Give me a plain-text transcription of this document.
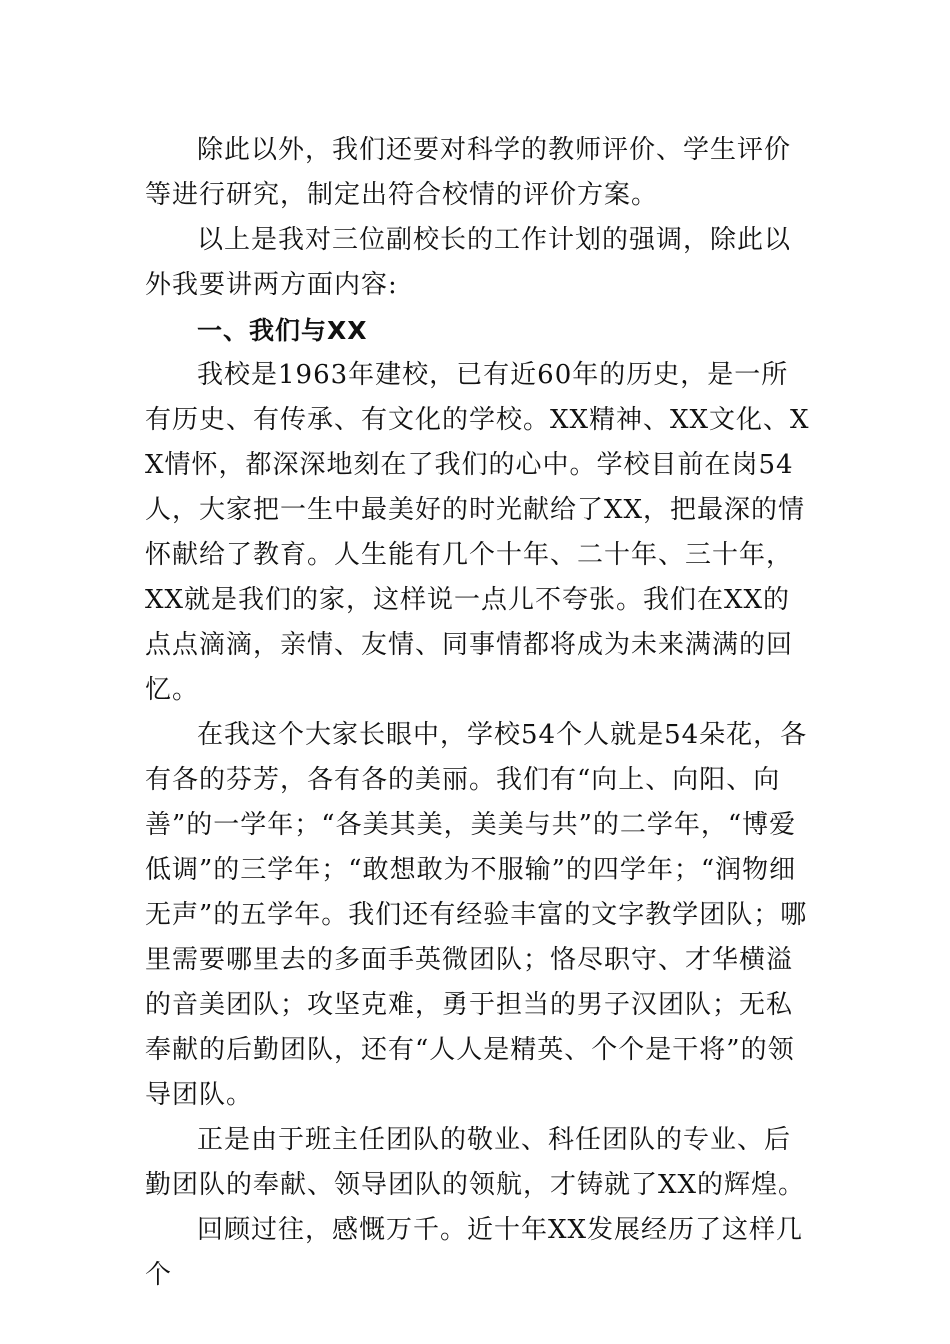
除此以外，我们还要对科学的教师评价、学生评价等进行研究，制定出符合校情的评价方案。

以上是我对三位副校长的工作计划的强调，除此以外我要讲两方面内容:

一、我们与XX

我校是1963年建校，已有近60年的历史，是一所有历史、有传承、有文化的学校。XX精神、XX文化、XX情怀，都深深地刻在了我们的心中。学校目前在岗54人，大家把一生中最美好的时光献给了XX，把最深的情怀献给了教育。人生能有几个十年、二十年、三十年，XX就是我们的家，这样说一点儿不夸张。我们在XX的点点滴滴，亲情、友情、同事情都将成为未来满满的回忆。

在我这个大家长眼中，学校54个人就是54朵花，各有各的芬芳，各有各的美丽。我们有“向上、向阳、向善”的一学年；“各美其美，美美与共”的二学年，“博爱低调”的三学年；“敢想敢为不服输”的四学年；“润物细无声”的五学年。我们还有经验丰富的文字教学团队；哪里需要哪里去的多面手英微团队；恪尽职守、才华横溢的音美团队；攻坚克难，勇于担当的男子汉团队；无私奉献的后勤团队，还有“人人是精英、个个是干将”的领导团队。

正是由于班主任团队的敬业、科任团队的专业、后勤团队的奉献、领导团队的领航，才铸就了XX的辉煌。

回顾过往，感慨万千。近十年XX发展经历了这样几个
